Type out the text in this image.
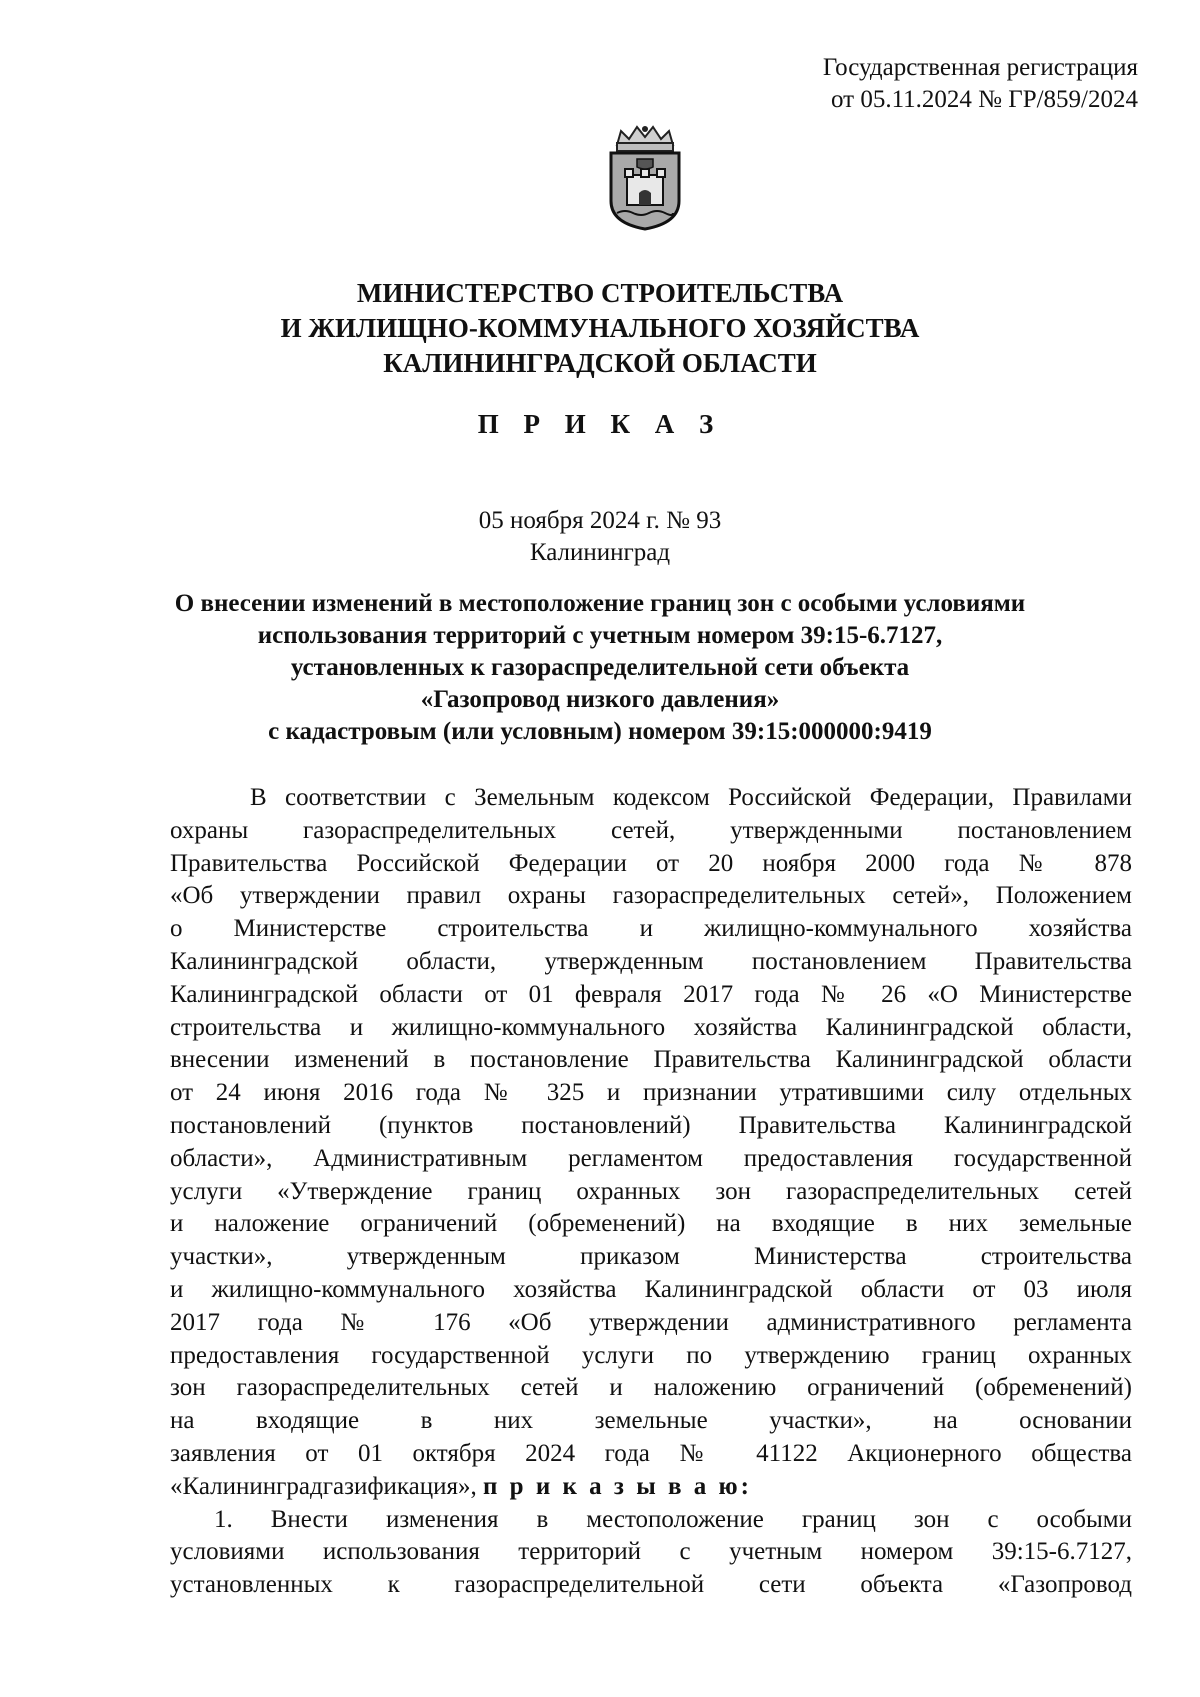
Государственная регистрация
от 05.11.2024 № ГР/859/2024
МИНИСТЕРСТВО СТРОИТЕЛЬСТВА
И ЖИЛИЩНО-КОММУНАЛЬНОГО ХОЗЯЙСТВА
КАЛИНИНГРАДСКОЙ ОБЛАСТИ
П Р И К А З
05 ноября 2024 г. № 93
Калининград
О внесении изменений в местоположение границ зон с особыми условиями
использования территорий с учетным номером 39:15-6.7127,
установленных к газораспределительной сети объекта
«Газопровод низкого давления»
с кадастровым (или условным) номером 39:15:000000:9419
В соответствии с Земельным кодексом Российской Федерации, Правилами
охраны газораспределительных сетей, утвержденными постановлением
Правительства Российской Федерации от 20 ноября 2000 года № 878
«Об утверждении правил охраны газораспределительных сетей», Положением
о Министерстве строительства и жилищно-коммунального хозяйства
Калининградской области, утвержденным постановлением Правительства
Калининградской области от 01 февраля 2017 года № 26 «О Министерстве
строительства и жилищно-коммунального хозяйства Калининградской области,
внесении изменений в постановление Правительства Калининградской области
от 24 июня 2016 года № 325 и признании утратившими силу отдельных
постановлений (пунктов постановлений) Правительства Калининградской
области», Административным регламентом предоставления государственной
услуги «Утверждение границ охранных зон газораспределительных сетей
и наложение ограничений (обременений) на входящие в них земельные
участки», утвержденным приказом Министерства строительства
и жилищно-коммунального хозяйства Калининградской области от 03 июля
2017 года № 176 «Об утверждении административного регламента
предоставления государственной услуги по утверждению границ охранных
зон газораспределительных сетей и наложению ограничений (обременений)
на входящие в них земельные участки», на основании
заявления от 01 октября 2024 года № 41122 Акционерного общества
«Калининградгазификация», п р и к а з ы в а ю:
1. Внести изменения в местоположение границ зон с особыми
условиями использования территорий с учетным номером 39:15-6.7127,
установленных к газораспределительной сети объекта «Газопровод
